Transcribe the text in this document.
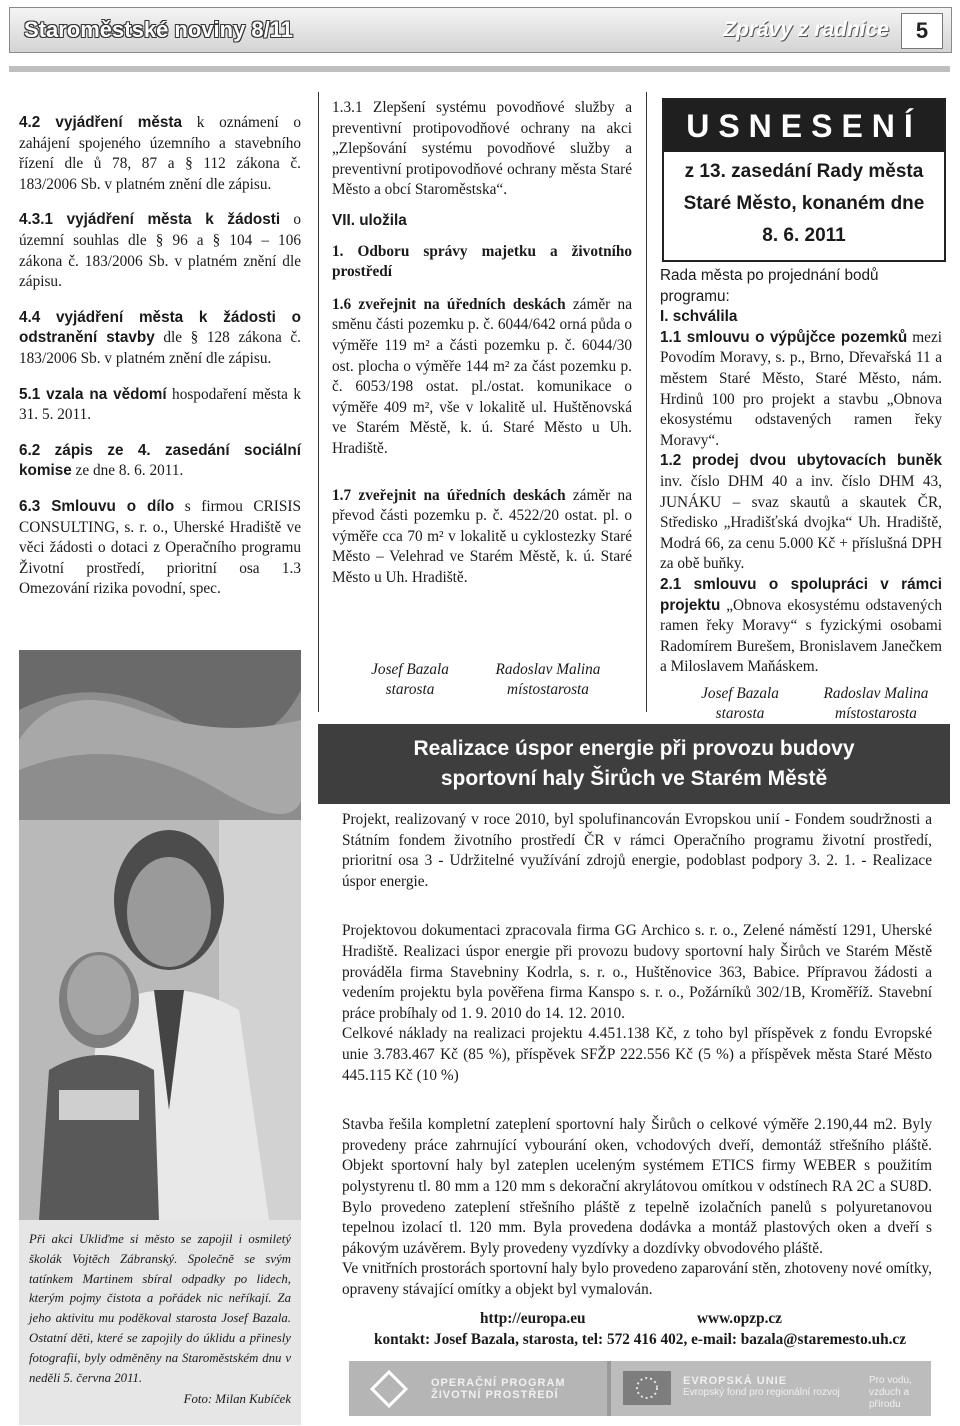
Staroměstské noviny 8/11	Zprávy z radnice	5

4.2 vyjádření města k oznámení o zahájení spojeného územního a stavebního řízení dle ů 78, 87 a § 112 zákona č. 183/2006 Sb. v platném znění dle zápisu.

4.3.1 vyjádření města k žádosti o územní souhlas dle § 96 a § 104 – 106 zákona č. 183/2006 Sb. v platném znění dle zápisu.

4.4 vyjádření města k žádosti o odstranění stavby dle § 128 zákona č. 183/2006 Sb. v platném znění dle zápisu.

5.1 vzala na vědomí hospodaření města k 31. 5. 2011.

6.2 zápis ze 4. zasedání sociální komise ze dne 8. 6. 2011.

6.3 Smlouvu o dílo s firmou CRISIS CONSULTING, s. r. o., Uherské Hradiště ve věci žádosti o dotaci z Operačního programu Životní prostředí, prioritní osa 1.3 Omezování rizika povodní, spec.

Při akci Ukliďme si město se zapojil i osmiletý školák Vojtěch Zábranský. Společně se svým tatínkem Martinem sbíral odpadky po lidech, kterým pojmy čistota a pořádek nic neříkají. Za jeho aktivitu mu poděkoval starosta Josef Bazala. Ostatní děti, které se zapojily do úklidu a přinesly fotografii, byly odměněny na Staroměstském dnu v neděli 5. června 2011.

Foto: Milan Kubíček

1.3.1 Zlepšení systému povodňové služby a preventivní protipovodňové ochrany na akci „Zlepšování systému povodňové služby a preventivní protipovodňové ochrany města Staré Město a obcí Staroměstska“.

VII. uložila

1. Odboru správy majetku a životního prostředí

1.6 zveřejnit na úředních deskách záměr na směnu části pozemku p. č. 6044/642 orná půda o výměře 119 m² a části pozemku p. č. 6044/30 ost. plocha o výměře 144 m² za část pozemku p. č. 6053/198 ostat. pl./ostat. komunikace o výměře 409 m², vše v lokalitě ul. Huštěnovská ve Starém Městě, k. ú. Staré Město u Uh. Hradiště.

1.7 zveřejnit na úředních deskách záměr na převod části pozemku p. č. 4522/20 ostat. pl. o výměře cca 70 m² v lokalitě u cyklostezky Staré Město – Velehrad ve Starém Městě, k. ú. Staré Město u Uh. Hradiště.

Josef Bazala
starosta
Radoslav Malina
místostarosta
USNESENÍ
z 13. zasedání Rady města
Staré Město, konaném dne
8. 6. 2011

Rada města po projednání bodů programu:

I. schválila

1.1 smlouvu o výpůjčce pozemků mezi Povodím Moravy, s. p., Brno, Dřevařská 11 a městem Staré Město, Staré Město, nám. Hrdinů 100 pro projekt a stavbu „Obnova ekosystému odstavených ramen řeky Moravy“.

1.2 prodej dvou ubytovacích buněk inv. číslo DHM 40 a inv. číslo DHM 43, JUNÁKU – svaz skautů a skautek ČR, Středisko „Hradišťská dvojka“ Uh. Hradiště, Modrá 66, za cenu 5.000 Kč + příslušná DPH za obě buňky.

2.1 smlouvu o spolupráci v rámci projektu „Obnova ekosystému odstavených ramen řeky Moravy“ s fyzickými osobami Radomírem Burešem, Bronislavem Janečkem a Miloslavem Maňáskem.

Josef Bazala
starosta
Radoslav Malina
místostarosta
Realizace úspor energie při provozu budovy
sportovní haly Širůch ve Starém Městě

Projekt, realizovaný v roce 2010, byl spolufinancován Evropskou unií - Fondem soudržnosti a Státním fondem životního prostředí ČR v rámci Operačního programu životní prostředí, prioritní osa 3 - Udržitelné využívání zdrojů energie, podoblast podpory 3. 2. 1. - Realizace úspor energie.

Projektovou dokumentaci zpracovala firma GG Archico s. r. o., Zelené náměstí 1291, Uherské Hradiště. Realizaci úspor energie při provozu budovy sportovní haly Širůch ve Starém Městě prováděla firma Stavebniny Kodrla, s. r. o., Huštěnovice 363, Babice. Přípravou žádosti a vedením projektu byla pověřena firma Kanspo s. r. o., Požárníků 302/1B, Kroměříž. Stavební práce probíhaly od 1. 9. 2010 do 14. 12. 2010.

Celkové náklady na realizaci projektu 4.451.138 Kč, z toho byl příspěvek z fondu Evropské unie 3.783.467 Kč (85 %), příspěvek SFŽP 222.556 Kč (5 %) a příspěvek města Staré Město 445.115 Kč (10 %)

Stavba řešila kompletní zateplení sportovní haly Širůch o celkové výměře 2.190,44 m2. Byly provedeny práce zahrnující vybourání oken, vchodových dveří, demontáž střešního pláště. Objekt sportovní haly byl zateplen uceleným systémem ETICS firmy WEBER s použitím polystyrenu tl. 80 mm a 120 mm s dekorační akrylátovou omítkou v odstínech RA 2C a SU8D. Bylo provedeno zateplení střešního pláště z tepelně izolačních panelů s polyuretanovou tepelnou izolací tl. 120 mm. Byla provedena dodávka a montáž plastových oken a dveří s pákovým uzávěrem. Byly provedeny vyzdívky a dozdívky obvodového pláště.

Ve vnitřních prostorách sportovní haly bylo provedeno zaparování stěn, zhotoveny nové omítky, opraveny stávající omítky a objekt byl vymalován.

http://europa.eu	www.opzp.cz
kontakt: Josef Bazala, starosta, tel: 572 416 402, e-mail: bazala@staremesto.uh.cz
OPERAČNÍ PROGRAM
ŽIVOTNÍ PROSTŘEDÍ
EVROPSKÁ UNIE
Evropský fond pro regionální rozvoj
Pro vodu,
vzduch a přírodu
